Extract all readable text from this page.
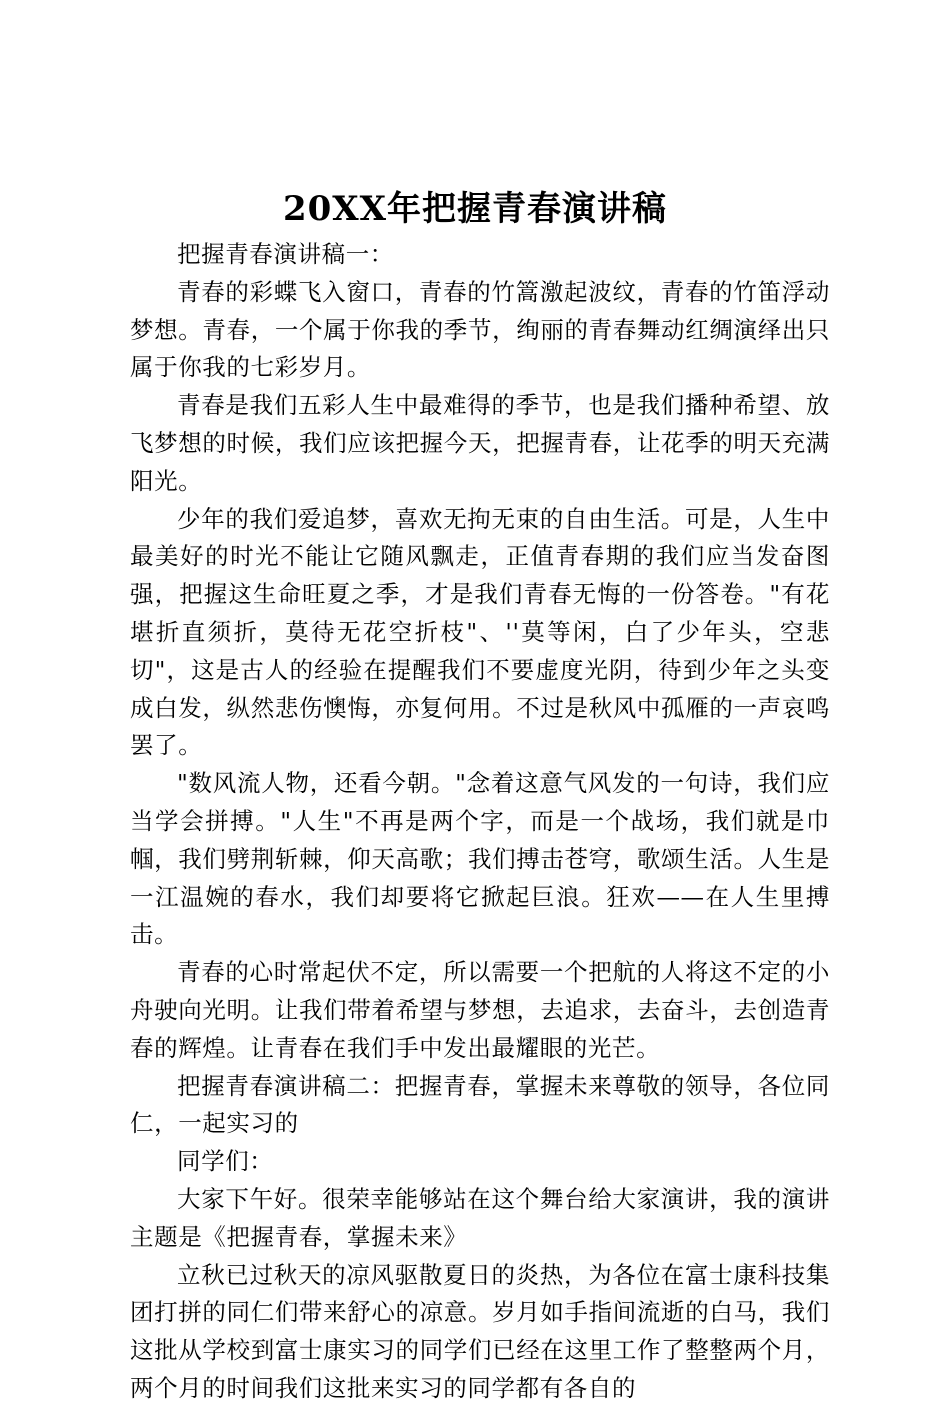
20XX年把握青春演讲稿

把握青春演讲稿一：

青春的彩蝶飞入窗口，青春的竹篙激起波纹，青春的竹笛浮动梦想。青春，一个属于你我的季节，绚丽的青春舞动红绸演绎出只属于你我的七彩岁月。

青春是我们五彩人生中最难得的季节，也是我们播种希望、放飞梦想的时候，我们应该把握今天，把握青春，让花季的明天充满阳光。

少年的我们爱追梦，喜欢无拘无束的自由生活。可是，人生中最美好的时光不能让它随风飘走，正值青春期的我们应当发奋图强，把握这生命旺夏之季，才是我们青春无悔的一份答卷。"有花堪折直须折，莫待无花空折枝"、''莫等闲，白了少年头，空悲切"，这是古人的经验在提醒我们不要虚度光阴，待到少年之头变成白发，纵然悲伤懊悔，亦复何用。不过是秋风中孤雁的一声哀鸣罢了。

"数风流人物，还看今朝。"念着这意气风发的一句诗，我们应当学会拼搏。"人生"不再是两个字，而是一个战场，我们就是巾帼，我们劈荆斩棘，仰天高歌；我们搏击苍穹，歌颂生活。人生是一江温婉的春水，我们却要将它掀起巨浪。狂欢——在人生里搏击。

青春的心时常起伏不定，所以需要一个把航的人将这不定的小舟驶向光明。让我们带着希望与梦想，去追求，去奋斗，去创造青春的辉煌。让青春在我们手中发出最耀眼的光芒。

把握青春演讲稿二：把握青春，掌握未来尊敬的领导，各位同仁，一起实习的

同学们：

大家下午好。很荣幸能够站在这个舞台给大家演讲，我的演讲主题是《把握青春，掌握未来》

立秋已过秋天的凉风驱散夏日的炎热，为各位在富士康科技集团打拼的同仁们带来舒心的凉意。岁月如手指间流逝的白马，我们这批从学校到富士康实习的同学们已经在这里工作了整整两个月，两个月的时间我们这批来实习的同学都有各自的
